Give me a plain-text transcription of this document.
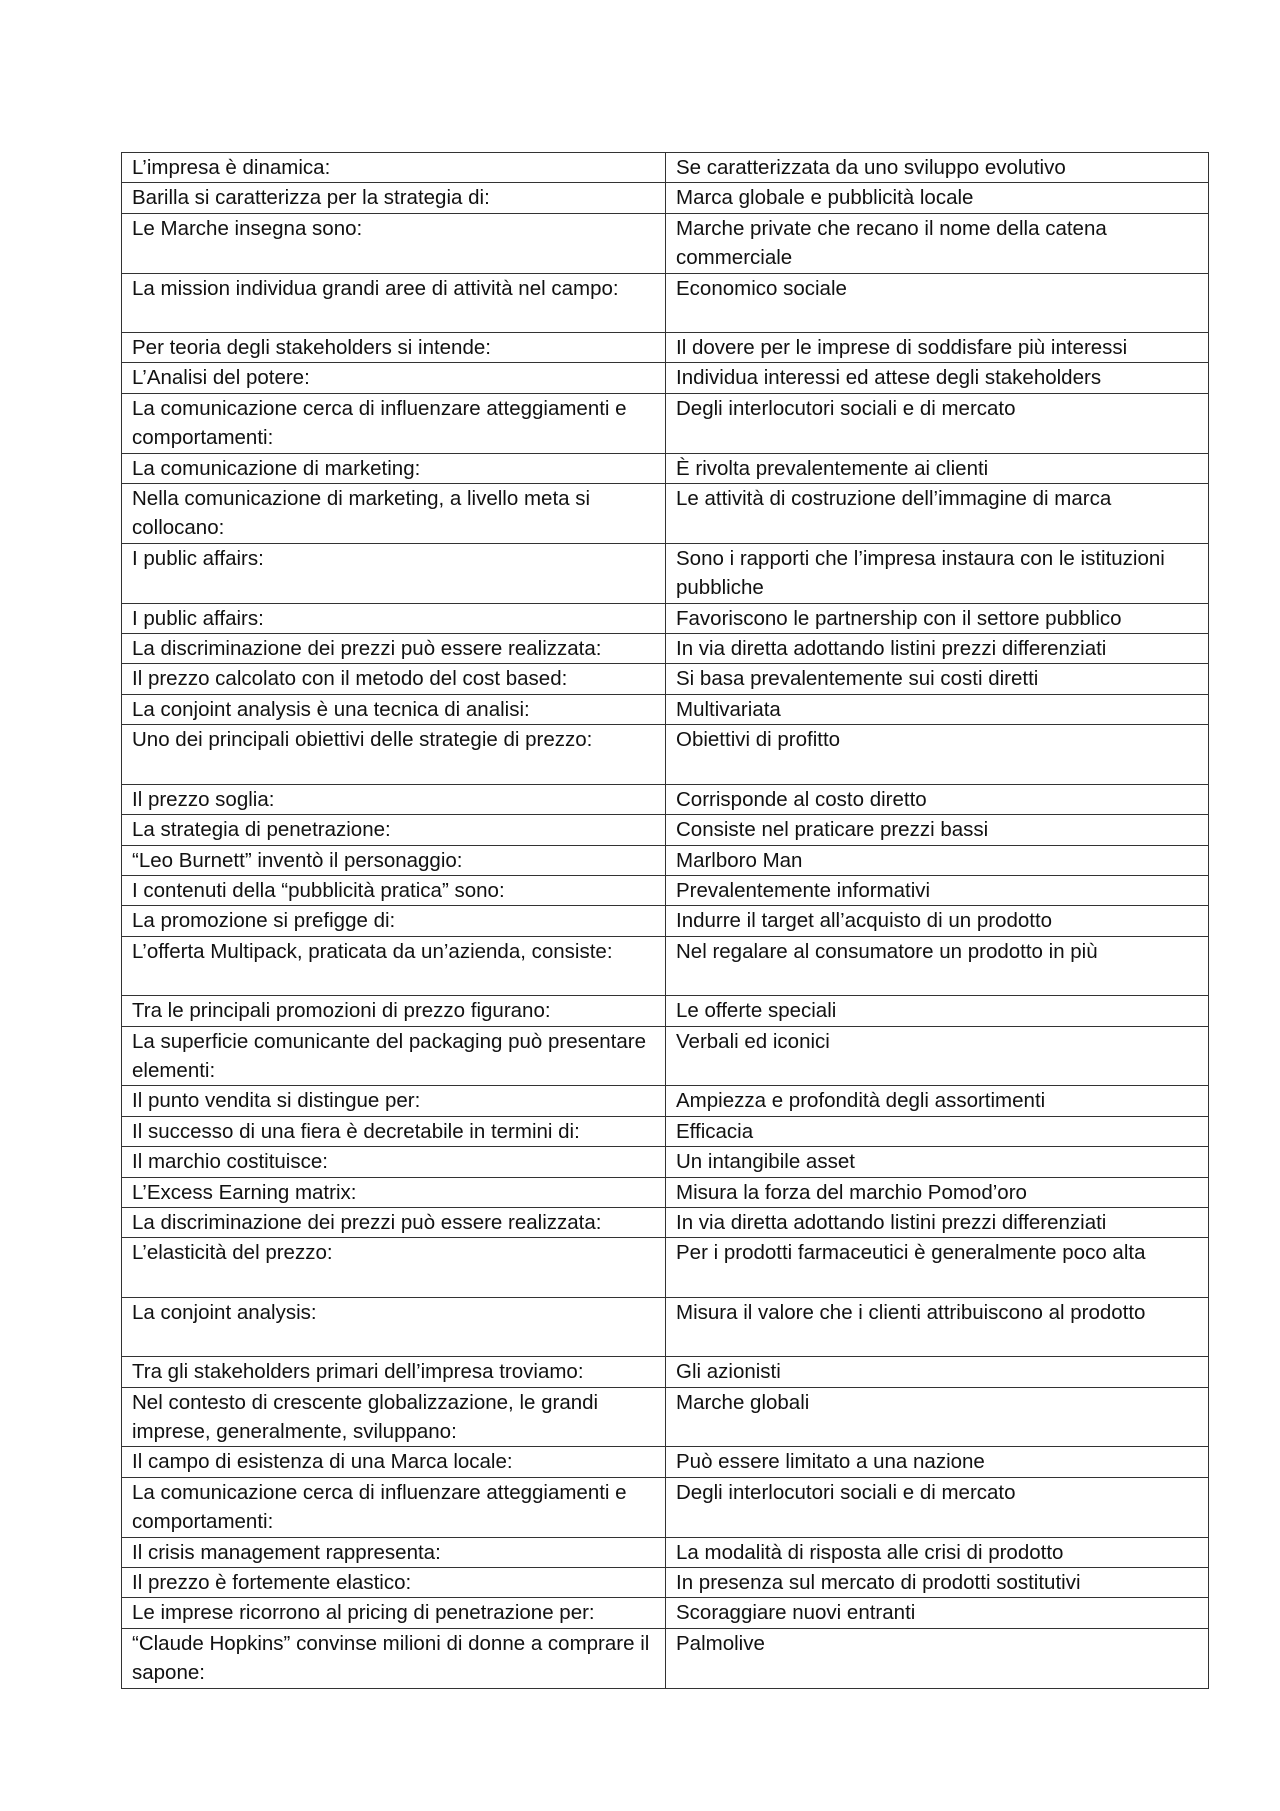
L’impresa è dinamica:	Se caratterizzata da uno sviluppo evolutivo
Barilla si caratterizza per la strategia di:	Marca globale e pubblicità locale
Le Marche insegna sono:	Marche private che recano il nome della catena commerciale
La mission individua grandi aree di attività nel campo:	Economico sociale
Per teoria degli stakeholders si intende:	Il dovere per le imprese di soddisfare più interessi
L’Analisi del potere:	Individua interessi ed attese degli stakeholders
La comunicazione cerca di influenzare atteggiamenti e comportamenti:	Degli interlocutori sociali e di mercato
La comunicazione di marketing:	È rivolta prevalentemente ai clienti
Nella comunicazione di marketing, a livello meta si collocano:	Le attività di costruzione dell’immagine di marca
I public affairs:	Sono i rapporti che l’impresa instaura con le istituzioni pubbliche
I public affairs:	Favoriscono le partnership con il settore pubblico
La discriminazione dei prezzi può essere realizzata:	In via diretta adottando listini prezzi differenziati
Il prezzo calcolato con il metodo del cost based:	Si basa prevalentemente sui costi diretti
La conjoint analysis è una tecnica di analisi:	Multivariata
Uno dei principali obiettivi delle strategie di prezzo:	Obiettivi di profitto
Il prezzo soglia:	Corrisponde al costo diretto
La strategia di penetrazione:	Consiste nel praticare prezzi bassi
“Leo Burnett” inventò il personaggio:	Marlboro Man
I contenuti della “pubblicità pratica” sono:	Prevalentemente informativi
La promozione si prefigge di:	Indurre il target all’acquisto di un prodotto
L’offerta Multipack, praticata da un’azienda, consiste:	Nel regalare al consumatore un prodotto in più
Tra le principali promozioni di prezzo figurano:	Le offerte speciali
La superficie comunicante del packaging può presentare elementi:	Verbali ed iconici
Il punto vendita si distingue per:	Ampiezza e profondità degli assortimenti
Il successo di una fiera è decretabile in termini di:	Efficacia
Il marchio costituisce:	Un intangibile asset
L’Excess Earning matrix:	Misura la forza del marchio Pomod’oro
La discriminazione dei prezzi può essere realizzata:	In via diretta adottando listini prezzi differenziati
L’elasticità del prezzo:	Per i prodotti farmaceutici è generalmente poco alta
La conjoint analysis:	Misura il valore che i clienti attribuiscono al prodotto
Tra gli stakeholders primari dell’impresa troviamo:	Gli azionisti
Nel contesto di crescente globalizzazione, le grandi imprese, generalmente, sviluppano:	Marche globali
Il campo di esistenza di una Marca locale:	Può essere limitato a una nazione
La comunicazione cerca di influenzare atteggiamenti e comportamenti:	Degli interlocutori sociali e di mercato
Il crisis management rappresenta:	La modalità di risposta alle crisi di prodotto
Il prezzo è fortemente elastico:	In presenza sul mercato di prodotti sostitutivi
Le imprese ricorrono al pricing di penetrazione per:	Scoraggiare nuovi entranti
“Claude Hopkins” convinse milioni di donne a comprare il sapone:	Palmolive
